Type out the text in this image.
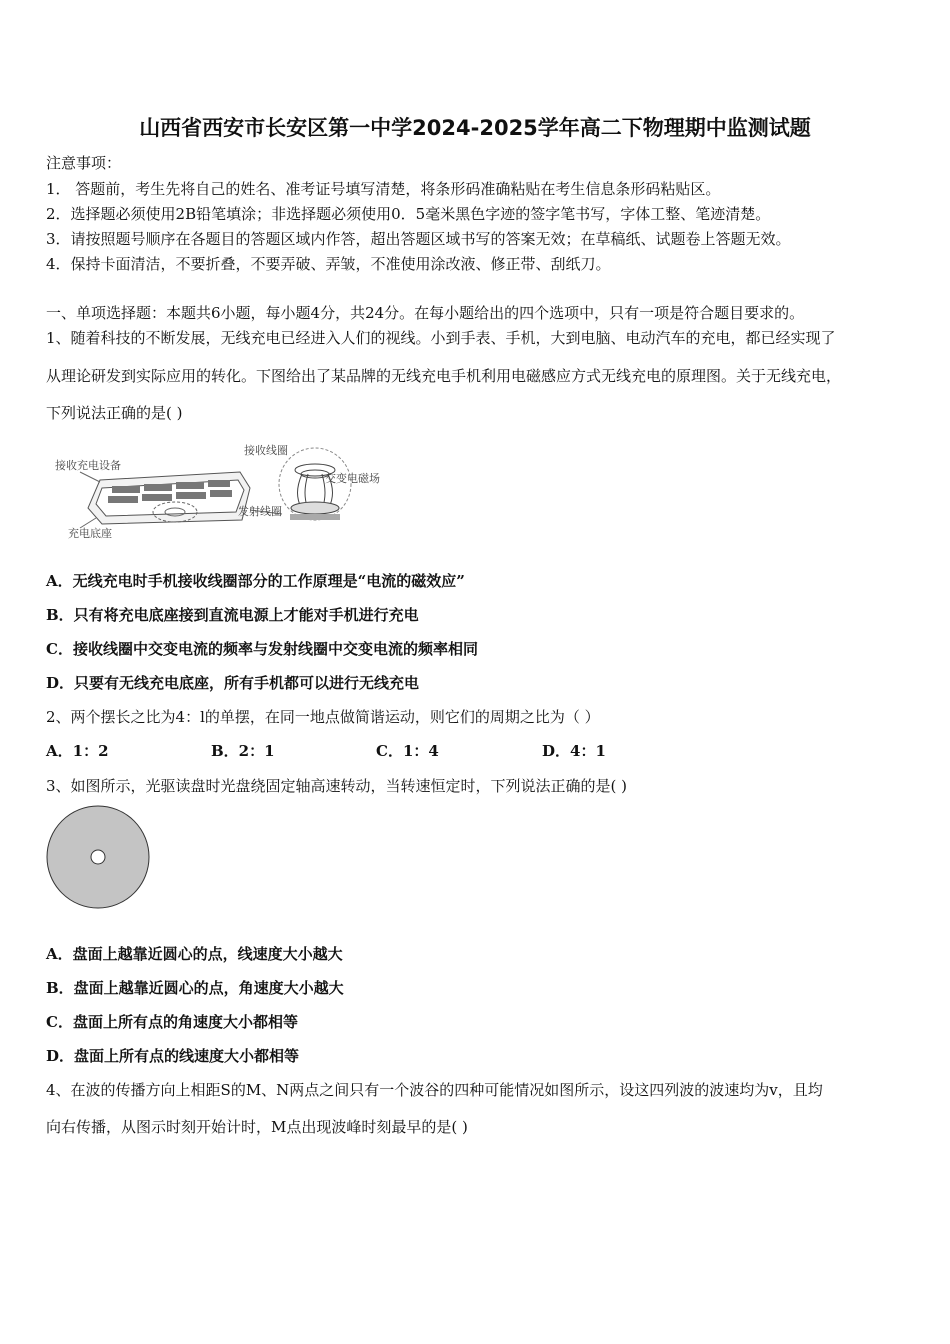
山西省西安市长安区第一中学2024-2025学年高二下物理期中监测试题
注意事项：
1． 答题前，考生先将自己的姓名、准考证号填写清楚，将条形码准确粘贴在考生信息条形码粘贴区。
2．选择题必须使用2B铅笔填涂；非选择题必须使用0．5毫米黑色字迹的签字笔书写，字体工整、笔迹清楚。
3．请按照题号顺序在各题目的答题区域内作答，超出答题区域书写的答案无效；在草稿纸、试题卷上答题无效。
4．保持卡面清洁，不要折叠，不要弄破、弄皱，不准使用涂改液、修正带、刮纸刀。
一、单项选择题：本题共6小题，每小题4分，共24分。在每小题给出的四个选项中，只有一项是符合题目要求的。
1、随着科技的不断发展，无线充电已经进入人们的视线。小到手表、手机，大到电脑、电动汽车的充电，都已经实现了
从理论研发到实际应用的转化。下图给出了某品牌的无线充电手机利用电磁感应方式无线充电的原理图。关于无线充电，
下列说法正确的是( )
接收充电设备
充电底座
接收线圈
交变电磁场
发射线圈
A．无线充电时手机接收线圈部分的工作原理是“电流的磁效应”
B．只有将充电底座接到直流电源上才能对手机进行充电
C．接收线圈中交变电流的频率与发射线圈中交变电流的频率相同
D．只要有无线充电底座，所有手机都可以进行无线充电
2、两个摆长之比为4：l的单摆，在同一地点做简谐运动，则它们的周期之比为（ ）
A．1：2	B．2：1	C．1：4	D．4：1
3、如图所示，光驱读盘时光盘绕固定轴高速转动，当转速恒定时，下列说法正确的是( )
A．盘面上越靠近圆心的点，线速度大小越大
B．盘面上越靠近圆心的点，角速度大小越大
C．盘面上所有点的角速度大小都相等
D．盘面上所有点的线速度大小都相等
4、在波的传播方向上相距S的M、N两点之间只有一个波谷的四种可能情况如图所示，设这四列波的波速均为v，且均
向右传播，从图示时刻开始计时，M点出现波峰时刻最早的是( )
